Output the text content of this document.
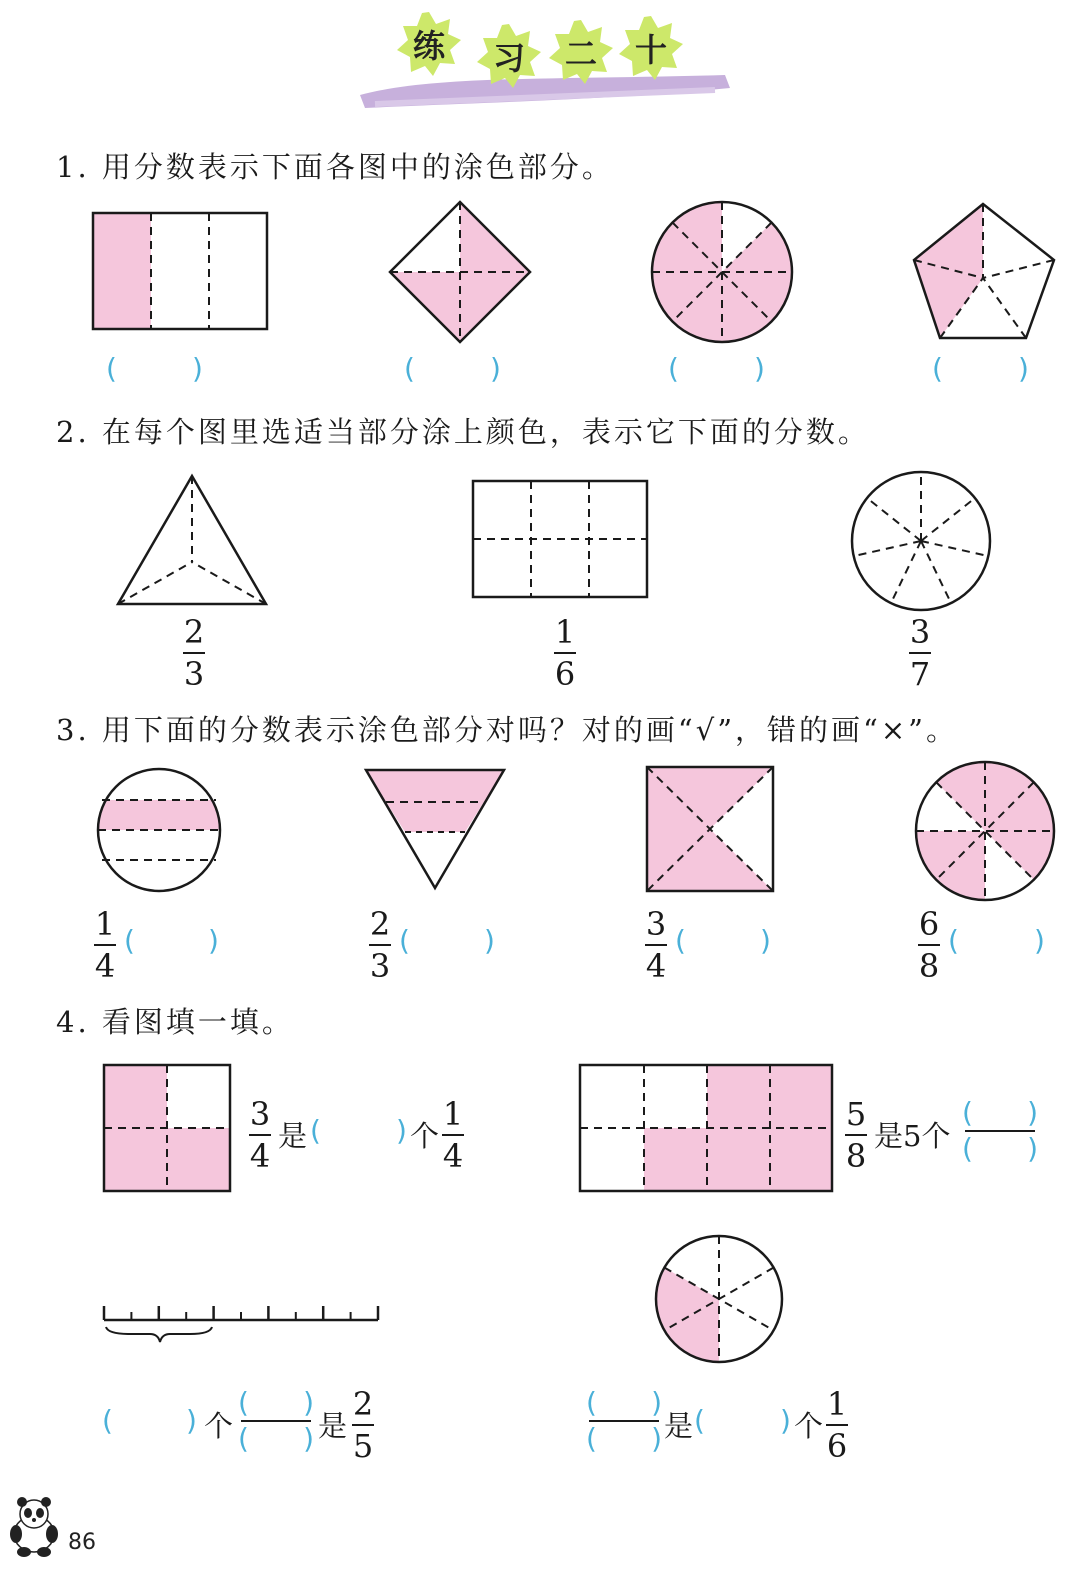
练	习	二	十
1. 用分数表示下面各图中的涂色部分。
(	)	(	)	(	)	(	)
2. 在每个图里选适当部分涂上颜色，表示它下面的分数。
2
3
1
6
3
7
3. 用下面的分数表示涂色部分对吗？对的画“√”，错的画“×”。
1
4
(	)	2
3
(	)	3
4
(	)	6
8
(	)
4. 看图填一填。
3
4
是 (	) 个
1
4
5
8
是5个
( )
( )
(	) 个
( )
( ) 是
2
5
( )
( ) 是 (	) 个
1
6
86
